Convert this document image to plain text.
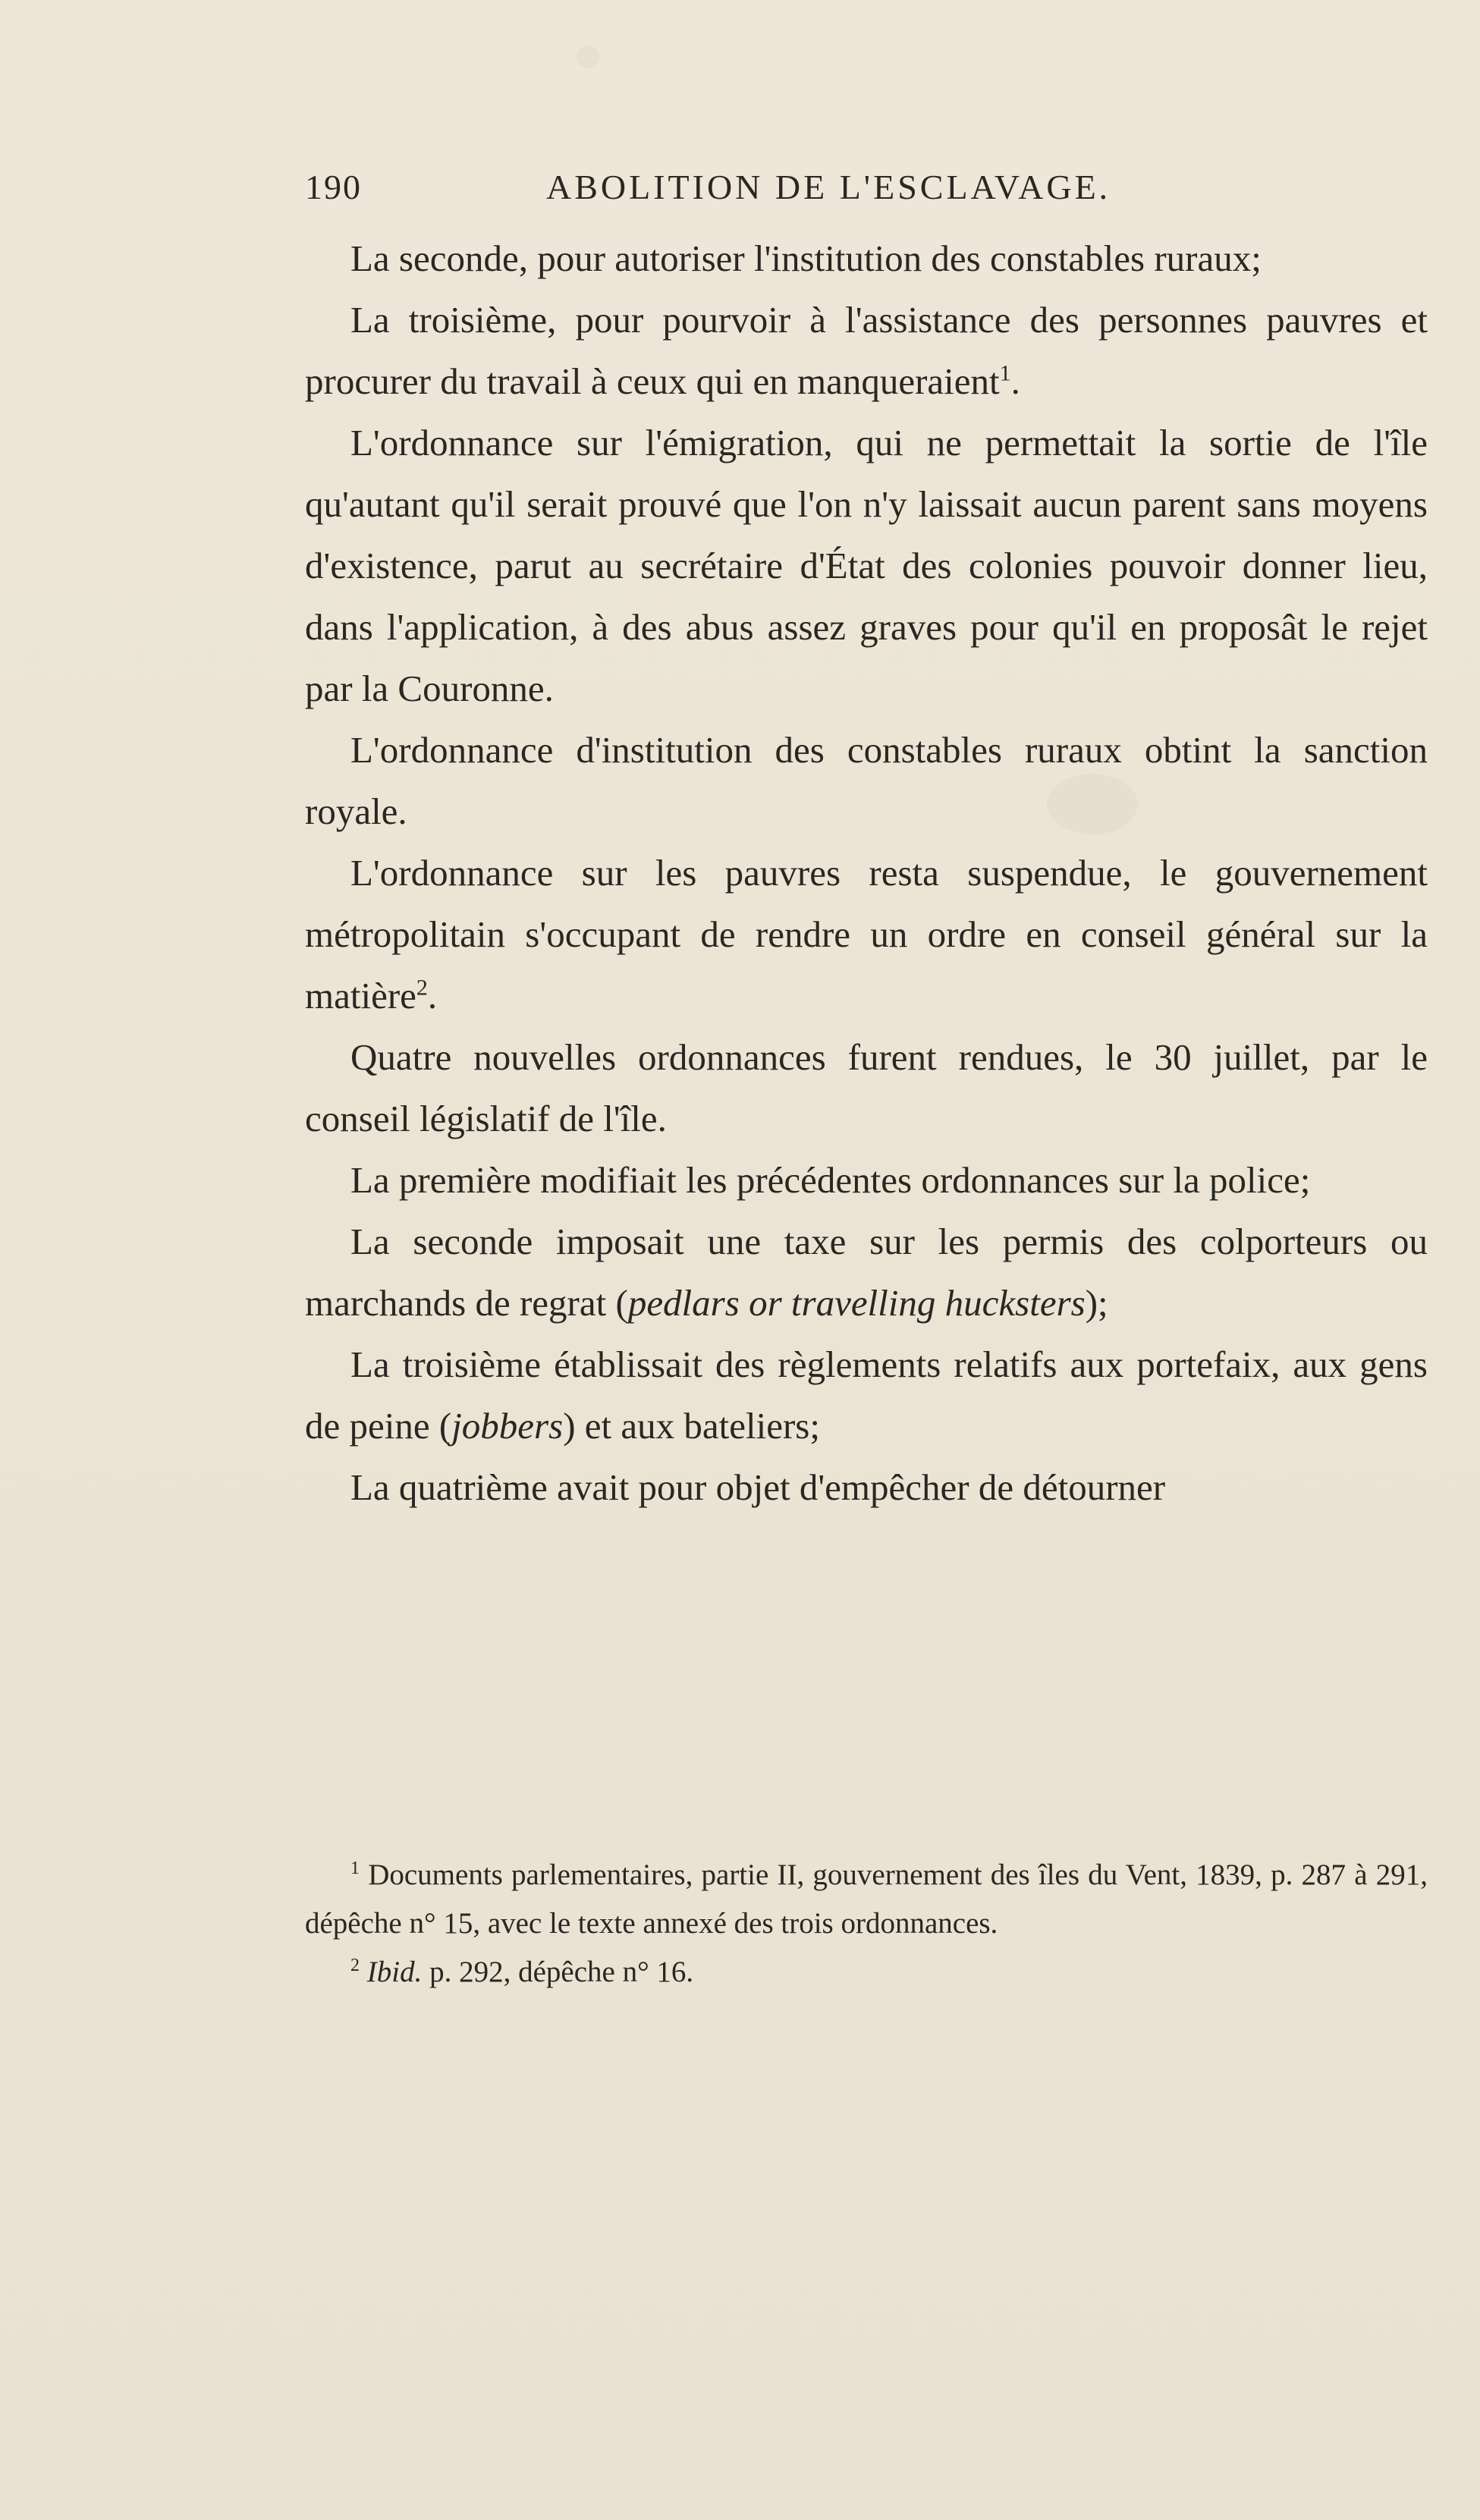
190	ABOLITION DE L'ESCLAVAGE.

La seconde, pour autoriser l'institution des constables ruraux;

La troisième, pour pourvoir à l'assistance des personnes pauvres et procurer du travail à ceux qui en manqueraient$^1$.

L'ordonnance sur l'émigration, qui ne permettait la sortie de l'île qu'autant qu'il serait prouvé que l'on n'y laissait aucun parent sans moyens d'existence, parut au secrétaire d'État des colonies pouvoir donner lieu, dans l'application, à des abus assez graves pour qu'il en proposât le rejet par la Couronne.

L'ordonnance d'institution des constables ruraux obtint la sanction royale.

L'ordonnance sur les pauvres resta suspendue, le gouvernement métropolitain s'occupant de rendre un ordre en conseil général sur la matière$^2$.

Quatre nouvelles ordonnances furent rendues, le 30 juillet, par le conseil législatif de l'île.

La première modifiait les précédentes ordonnances sur la police;

La seconde imposait une taxe sur les permis des colporteurs ou marchands de regrat (pedlars or travelling hucksters);

La troisième établissait des règlements relatifs aux portefaix, aux gens de peine (jobbers) et aux bateliers;

La quatrième avait pour objet d'empêcher de détourner

$^1$ Documents parlementaires, partie II, gouvernement des îles du Vent, 1839, p. 287 à 291, dépêche n° 15, avec le texte annexé des trois ordonnances.

$^2$ Ibid. p. 292, dépêche n° 16.
